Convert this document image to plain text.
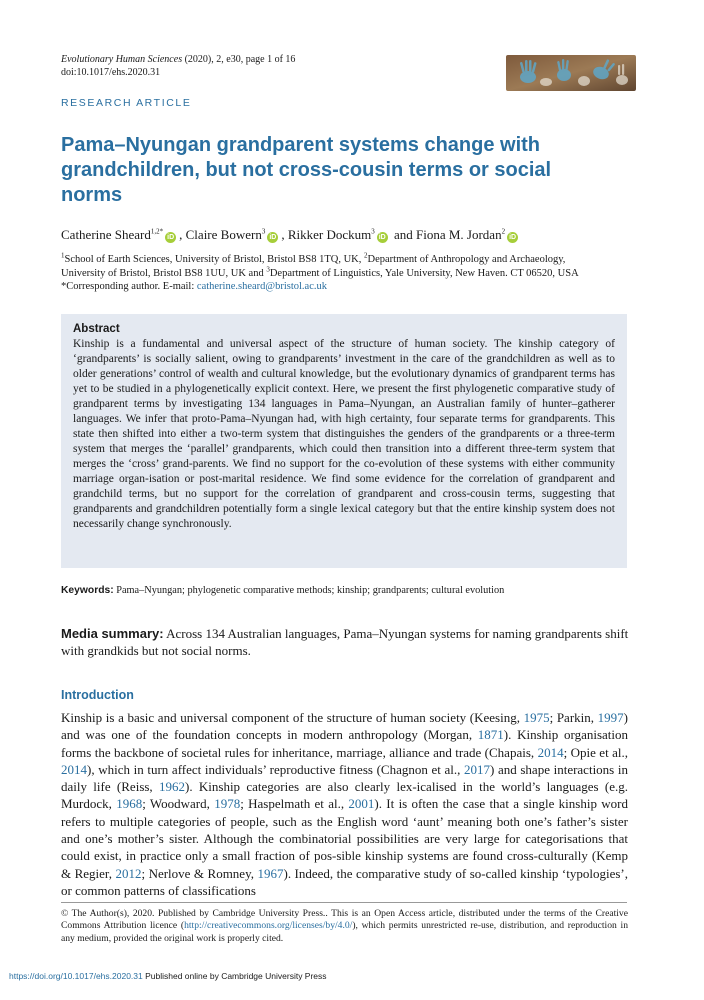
Evolutionary Human Sciences (2020), 2, e30, page 1 of 16
doi:10.1017/ehs.2020.31
RESEARCH ARTICLE
Pama–Nyungan grandparent systems change with grandchildren, but not cross-cousin terms or social norms
Catherine Sheard$^{1,2*}$iD , Claire Bowern$^3$iD , Rikker Dockum$^3$iD and Fiona M. Jordan$^2$iD
$^1$School of Earth Sciences, University of Bristol, Bristol BS8 1TQ, UK, $^2$Department of Anthropology and Archaeology,
University of Bristol, Bristol BS8 1UU, UK and $^3$Department of Linguistics, Yale University, New Haven. CT 06520, USA
*Corresponding author. E-mail: catherine.sheard@bristol.ac.uk
Abstract
Kinship is a fundamental and universal aspect of the structure of human society. The kinship category of ‘grandparents’ is socially salient, owing to grandparents’ investment in the care of the grandchildren as well as to older generations’ control of wealth and cultural knowledge, but the evolutionary dynamics of grandparent terms has yet to be studied in a phylogenetically explicit context. Here, we present the first phylogenetic comparative study of grandparent terms by investigating 134 languages in Pama–Nyungan, an Australian family of hunter–gatherer languages. We infer that proto-Pama–Nyungan had, with high certainty, four separate terms for grandparents. This state then shifted into either a two-term system that distinguishes the genders of the grandparents or a three-term system that merges the ‘parallel’ grandparents, which could then transition into a different three-term system that merges the ‘cross’ grand-parents. We find no support for the co-evolution of these systems with either community marriage organ-isation or post-marital residence. We find some evidence for the correlation of grandparent and grandchild terms, but no support for the correlation of grandparent and cross-cousin terms, suggesting that grandparents and grandchildren potentially form a single lexical category but that the entire kinship system does not necessarily change synchronously.
Keywords: Pama–Nyungan; phylogenetic comparative methods; kinship; grandparents; cultural evolution
Media summary: Across 134 Australian languages, Pama–Nyungan systems for naming grandparents shift with grandkids but not social norms.
Introduction
Kinship is a basic and universal component of the structure of human society (Keesing, 1975; Parkin, 1997) and was one of the foundation concepts in modern anthropology (Morgan, 1871). Kinship organisation forms the backbone of societal rules for inheritance, marriage, alliance and trade (Chapais, 2014; Opie et al., 2014), which in turn affect individuals’ reproductive fitness (Chagnon et al., 2017) and shape interactions in daily life (Reiss, 1962). Kinship categories are also clearly lex-icalised in the world’s languages (e.g. Murdock, 1968; Woodward, 1978; Haspelmath et al., 2001). It is often the case that a single kinship word refers to multiple categories of people, such as the English word ‘aunt’ meaning both one’s father’s sister and one’s mother’s sister. Although the combinatorial possibilities are very large for categorisations that could exist, in practice only a small fraction of pos-sible kinship systems are found cross-culturally (Kemp & Regier, 2012; Nerlove & Romney, 1967). Indeed, the comparative study of so-called kinship ‘typologies’, or common patterns of classifications
© The Author(s), 2020. Published by Cambridge University Press.. This is an Open Access article, distributed under the terms of the Creative Commons Attribution licence (http://creativecommons.org/licenses/by/4.0/), which permits unrestricted re-use, distribution, and reproduction in any medium, provided the original work is properly cited.
https://doi.org/10.1017/ehs.2020.31 Published online by Cambridge University Press
